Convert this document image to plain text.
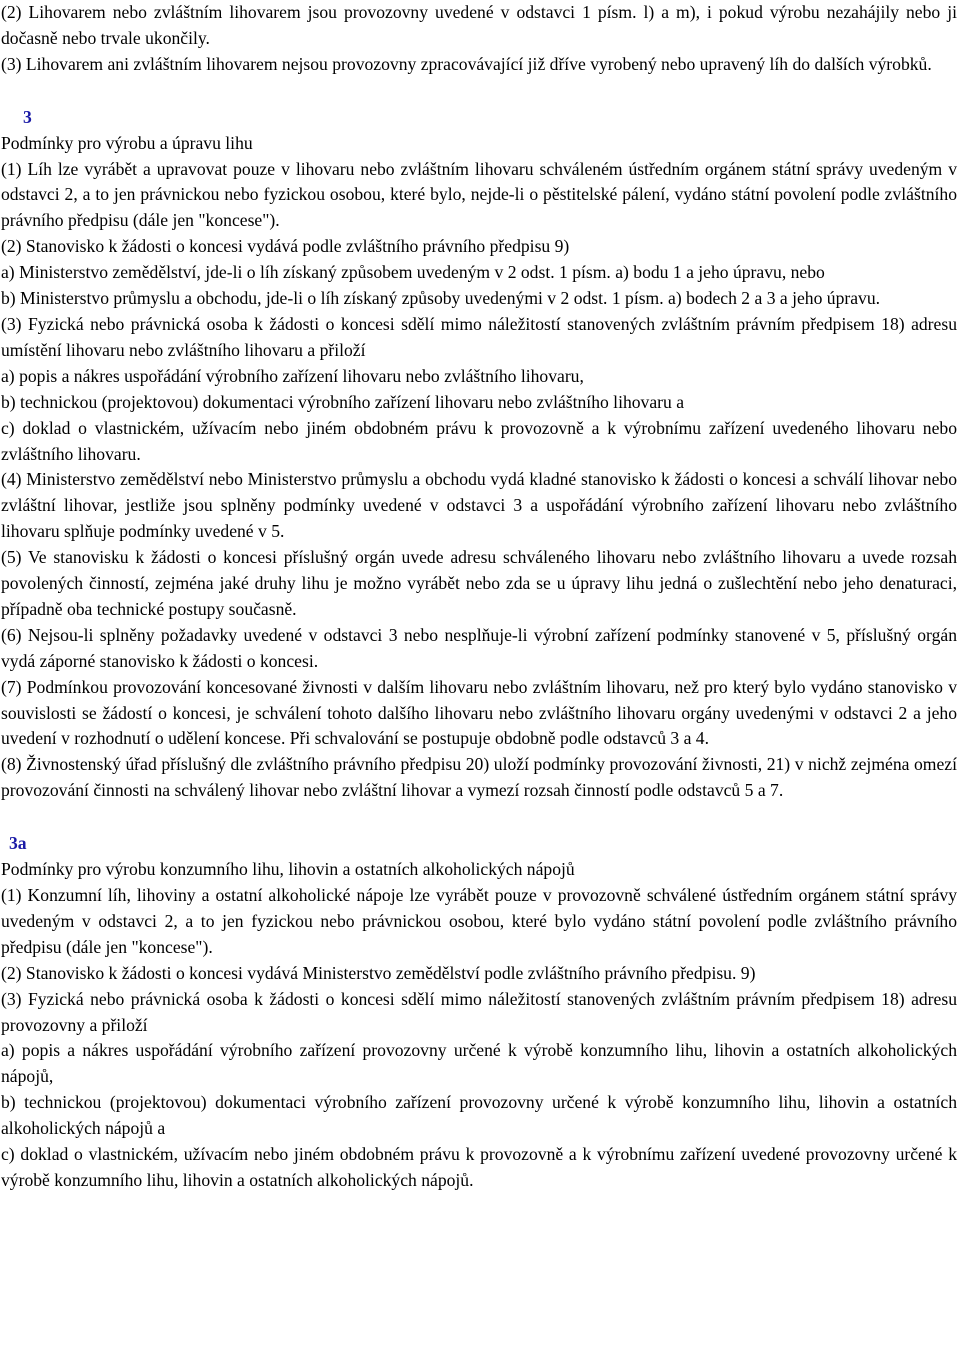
(2) Lihovarem nebo zvláštním lihovarem jsou provozovny uvedené v odstavci 1 písm. l) a m), i pokud výrobu nezahájily nebo ji dočasně nebo trvale ukončily.

(3) Lihovarem ani zvláštním lihovarem nejsou provozovny zpracovávající již dříve vyrobený nebo upravený líh do dalších výrobků.

3

Podmínky pro výrobu a úpravu lihu

(1) Líh lze vyrábět a upravovat pouze v lihovaru nebo zvláštním lihovaru schváleném ústředním orgánem státní správy uvedeným v odstavci 2, a to jen právnickou nebo fyzickou osobou, které bylo, nejde-li o pěstitelské pálení, vydáno státní povolení podle zvláštního právního předpisu (dále jen "koncese").

(2) Stanovisko k žádosti o koncesi vydává podle zvláštního právního předpisu 9)

a) Ministerstvo zemědělství, jde-li o líh získaný způsobem uvedeným v 2 odst. 1 písm. a) bodu 1 a jeho úpravu, nebo

b) Ministerstvo průmyslu a obchodu, jde-li o líh získaný způsoby uvedenými v 2 odst. 1 písm. a) bodech 2 a 3 a jeho úpravu.

(3) Fyzická nebo právnická osoba k žádosti o koncesi sdělí mimo náležitostí stanovených zvláštním právním předpisem 18) adresu umístění lihovaru nebo zvláštního lihovaru a přiloží

a) popis a nákres uspořádání výrobního zařízení lihovaru nebo zvláštního lihovaru,

b) technickou (projektovou) dokumentaci výrobního zařízení lihovaru nebo zvláštního lihovaru a

c) doklad o vlastnickém, užívacím nebo jiném obdobném právu k provozovně a k výrobnímu zařízení uvedeného lihovaru nebo zvláštního lihovaru.

(4) Ministerstvo zemědělství nebo Ministerstvo průmyslu a obchodu vydá kladné stanovisko k žádosti o koncesi a schválí lihovar nebo zvláštní lihovar, jestliže jsou splněny podmínky uvedené v odstavci 3 a uspořádání výrobního zařízení lihovaru nebo zvláštního lihovaru splňuje podmínky uvedené v 5.

(5) Ve stanovisku k žádosti o koncesi příslušný orgán uvede adresu schváleného lihovaru nebo zvláštního lihovaru a uvede rozsah povolených činností, zejména jaké druhy lihu je možno vyrábět nebo zda se u úpravy lihu jedná o zušlechtění nebo jeho denaturaci, případně oba technické postupy současně.

(6) Nejsou-li splněny požadavky uvedené v odstavci 3 nebo nesplňuje-li výrobní zařízení podmínky stanovené v 5, příslušný orgán vydá záporné stanovisko k žádosti o koncesi.

(7) Podmínkou provozování koncesované živnosti v dalším lihovaru nebo zvláštním lihovaru, než pro který bylo vydáno stanovisko v souvislosti se žádostí o koncesi, je schválení tohoto dalšího lihovaru nebo zvláštního lihovaru orgány uvedenými v odstavci 2 a jeho uvedení v rozhodnutí o udělení koncese. Při schvalování se postupuje obdobně podle odstavců 3 a 4.

(8) Živnostenský úřad příslušný dle zvláštního právního předpisu 20) uloží podmínky provozování živnosti, 21) v nichž zejména omezí provozování činnosti na schválený lihovar nebo zvláštní lihovar a vymezí rozsah činností podle odstavců 5 a 7.

3a

Podmínky pro výrobu konzumního lihu, lihovin a ostatních alkoholických nápojů

(1) Konzumní líh, lihoviny a ostatní alkoholické nápoje lze vyrábět pouze v provozovně schválené ústředním orgánem státní správy uvedeným v odstavci 2, a to jen fyzickou nebo právnickou osobou, které bylo vydáno státní povolení podle zvláštního právního předpisu (dále jen "koncese").

(2) Stanovisko k žádosti o koncesi vydává Ministerstvo zemědělství podle zvláštního právního předpisu. 9)

(3) Fyzická nebo právnická osoba k žádosti o koncesi sdělí mimo náležitostí stanovených zvláštním právním předpisem 18) adresu provozovny a přiloží

a) popis a nákres uspořádání výrobního zařízení provozovny určené k výrobě konzumního lihu, lihovin a ostatních alkoholických nápojů,

b) technickou (projektovou) dokumentaci výrobního zařízení provozovny určené k výrobě konzumního lihu, lihovin a ostatních alkoholických nápojů a

c) doklad o vlastnickém, užívacím nebo jiném obdobném právu k provozovně a k výrobnímu zařízení uvedené provozovny určené k výrobě konzumního lihu, lihovin a ostatních alkoholických nápojů.
